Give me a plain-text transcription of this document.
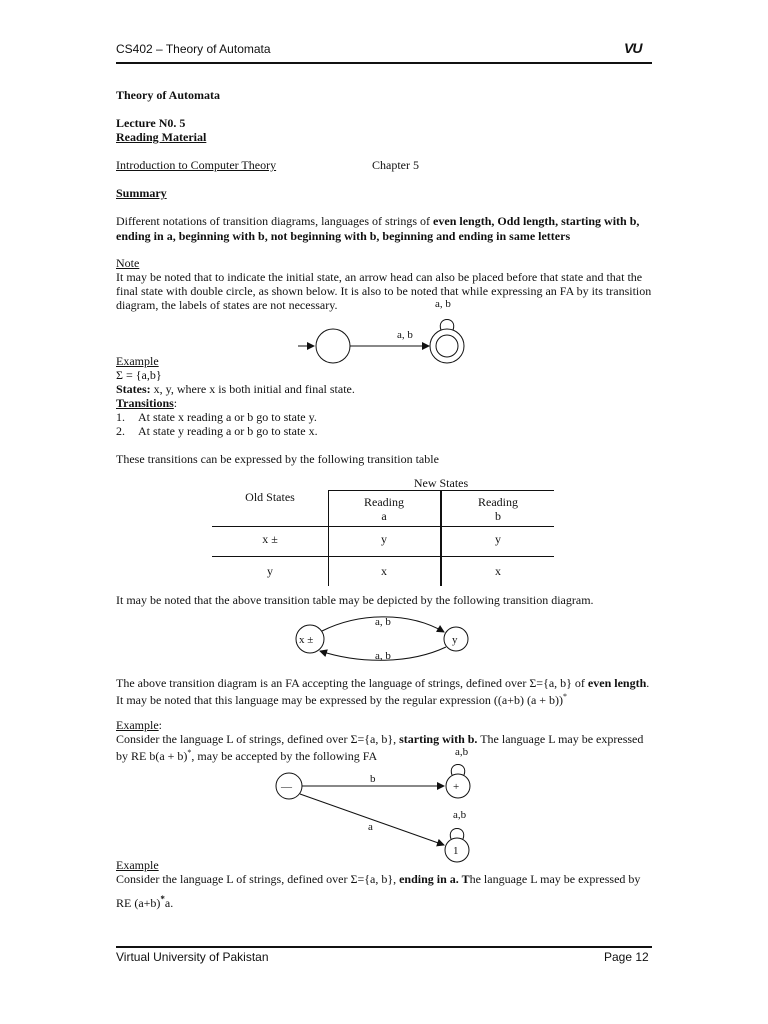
CS402 – Theory of Automata	VU
Theory of Automata
Lecture N0. 5
Reading Material
Introduction to Computer Theory	Chapter 5
Summary
Different notations of transition diagrams, languages of strings of even length, Odd length, starting with b,
ending in a, beginning with b, not beginning with b, beginning and ending in same letters
Note
It may be noted that to indicate the initial state, an arrow head can also be placed before that state and that the
final state with double circle, as shown below. It is also to be noted that while expressing an FA by its transition
diagram, the labels of states are not necessary.
a, b
a, b
Example
Σ = {a,b}
States: x, y, where x is both initial and final state.
Transitions:
1. At state x reading a or b go to state y.
2. At state y reading a or b go to state x.
These transitions can be expressed by the following transition table
Old States
New States
Reading
a
Reading
b
x ±	y	y
y	x	x
It may be noted that the above transition table may be depicted by the following transition diagram.
x ±	y
a, b
a, b
The above transition diagram is an FA accepting the language of strings, defined over Σ={a, b} of even length.
It may be noted that this language may be expressed by the regular expression ((a+b) (a + b))*
Example:
Consider the language L of strings, defined over Σ={a, b}, starting with b. The language L may be expressed
by RE b(a + b)*, may be accepted by the following FA
—
b
+
a,b
a
1
a,b
Example
Consider the language L of strings, defined over Σ={a, b}, ending in a. The language L may be expressed by
RE (a+b)*a.
Virtual University of Pakistan	Page 12
